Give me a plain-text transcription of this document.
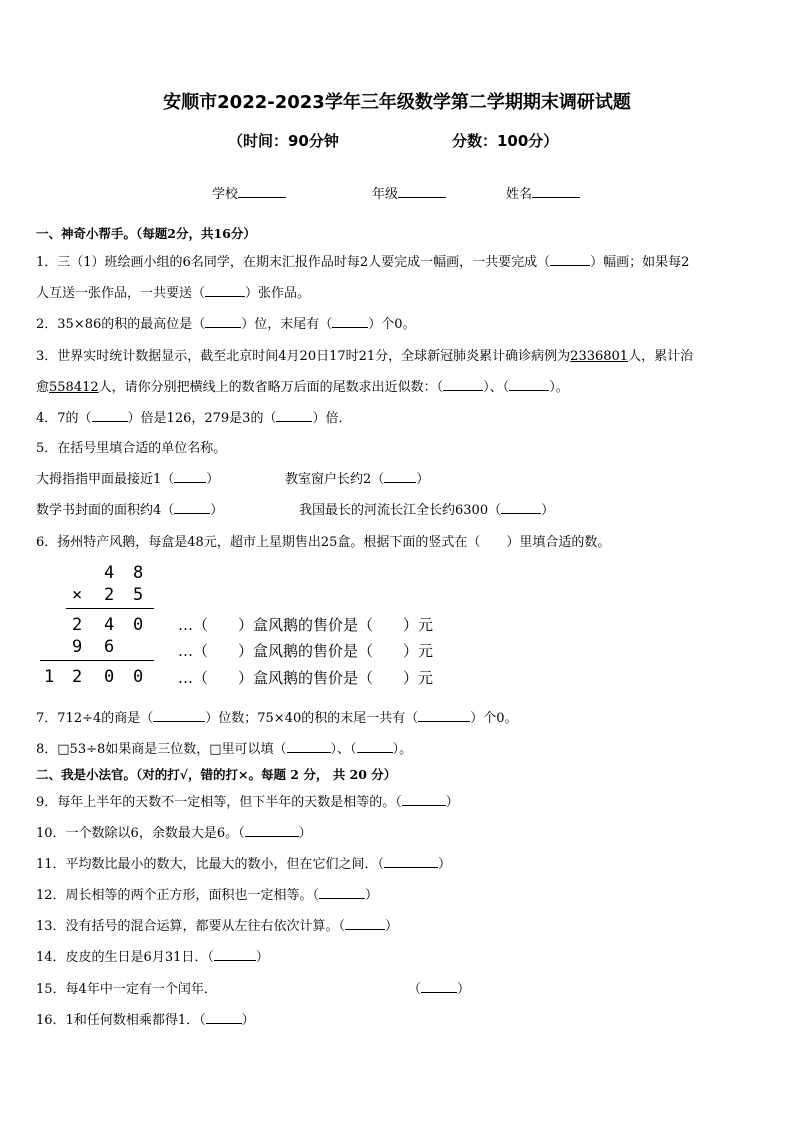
安顺市2022-2023学年三年级数学第二学期期末调研试题
（时间：90分钟	分数：100分）
学校	年级	姓名
一、神奇小帮手。（每题2分，共16分）
1．三（1）班绘画小组的6名同学，在期末汇报作品时每2人要完成一幅画，一共要完成（	）幅画；如果每2
人互送一张作品，一共要送（	）张作品。
2．35×86的积的最高位是（	）位，末尾有（	）个0。
3．世界实时统计数据显示，截至北京时间4月20日17时21分，全球新冠肺炎累计确诊病例为2336801人，累计治
愈558412人，请你分别把横线上的数省略万后面的尾数求出近似数：（	）、（	）。
4．7的（	）倍是126，279是3的（	）倍．
5．在括号里填合适的单位名称。
大拇指指甲面最接近1（ ）	教室窗户长约2（ ）
数学书封面的面积约4（	）	我国最长的河流长江全长约6300（	）
6．扬州特产风鹅，每盒是48元，超市上星期售出25盒。根据下面的竖式在（　　）里填合适的数。
4 8
× 2 5
2 4 0
9 6
1 2 0 0
…（　　）盒风鹅的售价是（　　）元
…（　　）盒风鹅的售价是（　　）元
…（　　）盒风鹅的售价是（　　）元
7．712÷4的商是（	）位数；75×40的积的末尾一共有（	）个0。
8．□53÷8如果商是三位数，□里可以填（	）、（	）。
二、我是小法官。（对的打√，错的打×。每题 2 分， 共 20 分）
9．每年上半年的天数不一定相等，但下半年的天数是相等的。（	）
10．一个数除以6，余数最大是6。（	）
11．平均数比最小的数大，比最大的数小，但在它们之间．（	）
12．周长相等的两个正方形，面积也一定相等。（	）
13．没有括号的混合运算，都要从左往右依次计算。（	）
14．皮皮的生日是6月31日．（	）
15．每4年中一定有一个闰年．	（	）
16．1和任何数相乘都得1．（	）
